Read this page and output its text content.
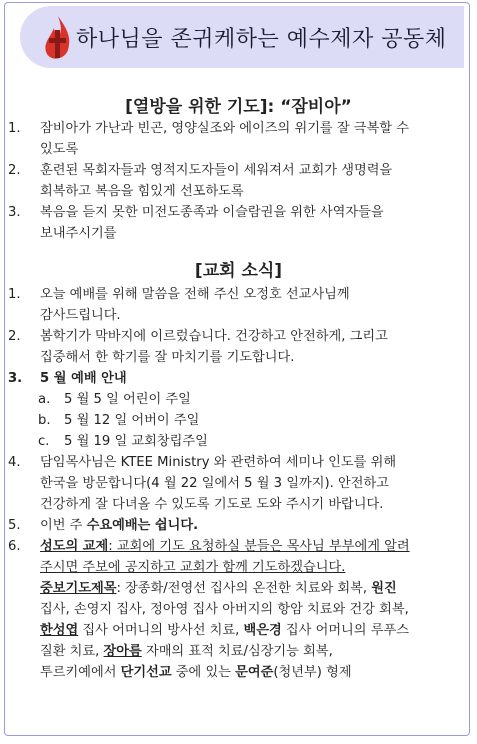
하나님을 존귀케하는 예수제자 공동체
[열방을 위한 기도]: “잠비아”
1. 잠비아가 가난과 빈곤, 영양실조와 에이즈의 위기를 잘 극복할 수
있도록
2. 훈련된 목회자들과 영적지도자들이 세워져서 교회가 생명력을
회복하고 복음을 힘있게 선포하도록
3. 복음을 듣지 못한 미전도종족과 이슬람권을 위한 사역자들을
보내주시기를
[교회 소식]
1. 오늘 예배를 위해 말씀을 전해 주신 오정호 선교사님께
감사드립니다.
2. 봄학기가 막바지에 이르렀습니다. 건강하고 안전하게, 그리고
집중해서 한 학기를 잘 마치기를 기도합니다.
3. 5 월 예배 안내
a. 5 월 5 일 어린이 주일
b. 5 월 12 일 어버이 주일
c. 5 월 19 일 교회창립주일
4. 담임목사님은 KTEE Ministry 와 관련하여 세미나 인도를 위해
한국을 방문합니다(4 월 22 일에서 5 월 3 일까지). 안전하고
건강하게 잘 다녀올 수 있도록 기도로 도와 주시기 바랍니다.
5. 이번 주 수요예배는 쉽니다.
6. 성도의 교제: 교회에 기도 요청하실 분들은 목사님 부부에게 알려
주시면 주보에 공지하고 교회가 함께 기도하겠습니다.
중보기도제목: 장종화/전영선 집사의 온전한 치료와 회복, 원진
집사, 손영지 집사, 정아영 집사 아버지의 항암 치료와 건강 회복,
한성엽 집사 어머니의 방사선 치료, 백은경 집사 어머니의 루푸스
질환 치료, 장아름 자매의 표적 치료/심장기능 회복,
투르키예에서 단기선교 중에 있는 문여준(청년부) 형제
